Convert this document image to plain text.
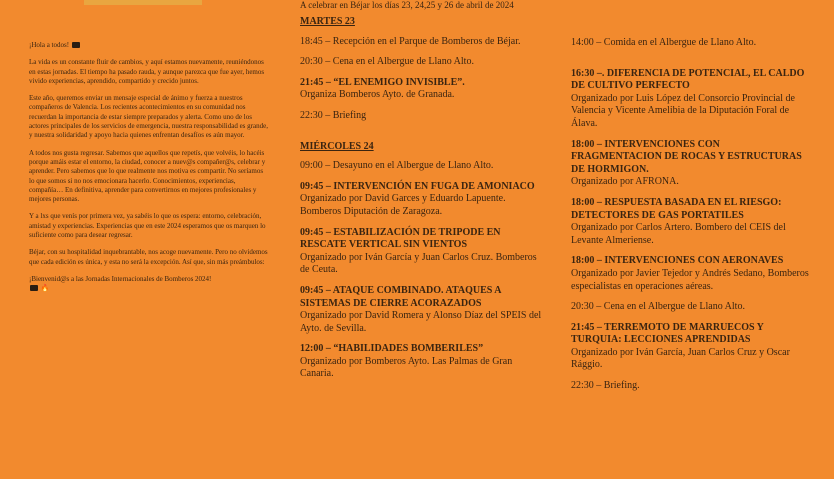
A celebrar en Béjar los días 23, 24,25 y 26 de abril de 2024

¡Hola a todos!

La vida es un constante fluir de cambios, y aquí estamos nuevamente, reuniéndonos en estas jornadas. El tiempo ha pasado rauda, y aunque parezca que fue ayer, hemos vivido experiencias, aprendido, compartido y crecido juntos.

Este año, queremos enviar un mensaje especial de ánimo y fuerza a nuestros compañeros de Valencia. Los recientes acontecimientos en su comunidad nos recuerdan la importancia de estar siempre preparados y alerta. Como uno de los actores principales de los servicios de emergencia, nuestra responsabilidad es grande, y nuestra solidaridad y apoyo hacia quienes enfrentan desafíos es aún mayor.

A todos nos gusta regresar. Sabemos que aquellos que repetís, que volvéis, lo hacéis porque amáis estar el entorno, la ciudad, conocer a nuev@s compañer@s, celebrar y aprender. Pero sabemos que lo que realmente nos motiva es compartir. No seríamos lo que somos si no nos emocionara hacerlo. Conocimientos, experiencias, compañía… En definitiva, aprender para convertirnos en mejores profesionales y mejores personas.

Y a lxs que venís por primera vez, ya sabéis lo que os espera: entorno, celebración, amistad y experiencias. Experiencias que en este 2024 esperamos que os marquen lo suficiente como para desear regresar.

Béjar, con su hospitalidad inquebrantable, nos acoge nuevamente. Pero no olvidemos que cada edición es única, y esta no será la excepción. Así que, sin más preámbulos:

¡Bienvenid@s a las Jornadas Internacionales de Bomberos 2024!
🔥

MARTES 23
18:45 – Recepción en el Parque de Bomberos de Béjar.
20:30 – Cena en el Albergue de Llano Alto.
21:45 – “EL ENEMIGO INVISIBLE”.
Organiza Bomberos Ayto. de Granada.
22:30 – Briefing
MIÉRCOLES 24
09:00 – Desayuno en el Albergue de Llano Alto.
09:45 – INTERVENCIÓN EN FUGA DE AMONIACO
Organizado por David Garces y Eduardo Lapuente. Bomberos Diputación de Zaragoza.
09:45 – ESTABILIZACIÓN DE TRIPODE EN RESCATE VERTICAL SIN VIENTOS
Organizado por Iván García y Juan Carlos Cruz. Bomberos de Ceuta.
09:45 – ATAQUE COMBINADO. ATAQUES A SISTEMAS DE CIERRE ACORAZADOS
Organizado por David Romera y Alonso Díaz del SPEIS del Ayto. de Sevilla.
12:00 – “HABILIDADES BOMBERILES”
Organizado por Bomberos Ayto. Las Palmas de Gran Canaria.
14:00 – Comida en el Albergue de Llano Alto.
16:30 –. DIFERENCIA DE POTENCIAL, EL CALDO DE CULTIVO PERFECTO
Organizado por Luis López del Consorcio Provincial de Valencia y Vicente Amelibia de la Diputación Foral de Álava.
18:00 – INTERVENCIONES CON FRAGMENTACION DE ROCAS Y ESTRUCTURAS DE HORMIGON.
Organizado por AFRONA.
18:00 – RESPUESTA BASADA EN EL RIESGO: DETECTORES DE GAS PORTATILES
Organizado por Carlos Artero. Bombero del CEIS del Levante Almeriense.
18:00 – INTERVENCIONES CON AERONAVES
Organizado por Javier Tejedor y Andrés Sedano, Bomberos especialistas en operaciones aéreas.
20:30 – Cena en el Albergue de Llano Alto.
21:45 – TERREMOTO DE MARRUECOS Y TURQUIA: LECCIONES APRENDIDAS
Organizado por Iván García, Juan Carlos Cruz y Oscar Rággio.
22:30 – Briefing.
